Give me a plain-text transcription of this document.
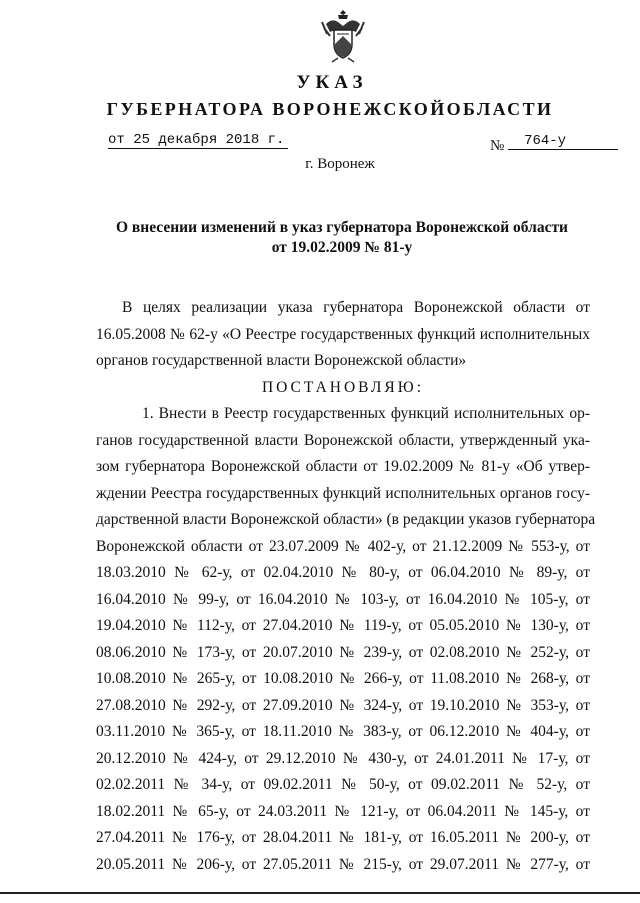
УКАЗ
ГУБЕРНАТОРА ВОРОНЕЖСКОЙОБЛАСТИ
от 25 декабря 2018 г.	№ 764-у
г. Воронеж
О внесении изменений в указ губернатора Воронежской области
от 19.02.2009 № 81-у
В целях реализации указа губернатора Воронежской области от
16.05.2008 № 62-у «О Реестре государственных функций исполнительных
органов государственной власти Воронежской области»
ПОСТАНОВЛЯЮ:
1. Внести в Реестр государственных функций исполнительных ор-
ганов государственной власти Воронежской области, утвержденный ука-
зом губернатора Воронежской области от 19.02.2009 № 81-у «Об утвер-
ждении Реестра государственных функций исполнительных органов госу-
дарственной власти Воронежской области» (в редакции указов губернатора
Воронежской области от 23.07.2009 № 402-у, от 21.12.2009 № 553-у, от
18.03.2010 № 62-у, от 02.04.2010 № 80-у, от 06.04.2010 № 89-у, от
16.04.2010 № 99-у, от 16.04.2010 № 103-у, от 16.04.2010 № 105-у, от
19.04.2010 № 112-у, от 27.04.2010 № 119-у, от 05.05.2010 № 130-у, от
08.06.2010 № 173-у, от 20.07.2010 № 239-у, от 02.08.2010 № 252-у, от
10.08.2010 № 265-у, от 10.08.2010 № 266-у, от 11.08.2010 № 268-у, от
27.08.2010 № 292-у, от 27.09.2010 № 324-у, от 19.10.2010 № 353-у, от
03.11.2010 № 365-у, от 18.11.2010 № 383-у, от 06.12.2010 № 404-у, от
20.12.2010 № 424-у, от 29.12.2010 № 430-у, от 24.01.2011 № 17-у, от
02.02.2011 № 34-у, от 09.02.2011 № 50-у, от 09.02.2011 № 52-у, от
18.02.2011 № 65-у, от 24.03.2011 № 121-у, от 06.04.2011 № 145-у, от
27.04.2011 № 176-у, от 28.04.2011 № 181-у, от 16.05.2011 № 200-у, от
20.05.2011 № 206-у, от 27.05.2011 № 215-у, от 29.07.2011 № 277-у, от
